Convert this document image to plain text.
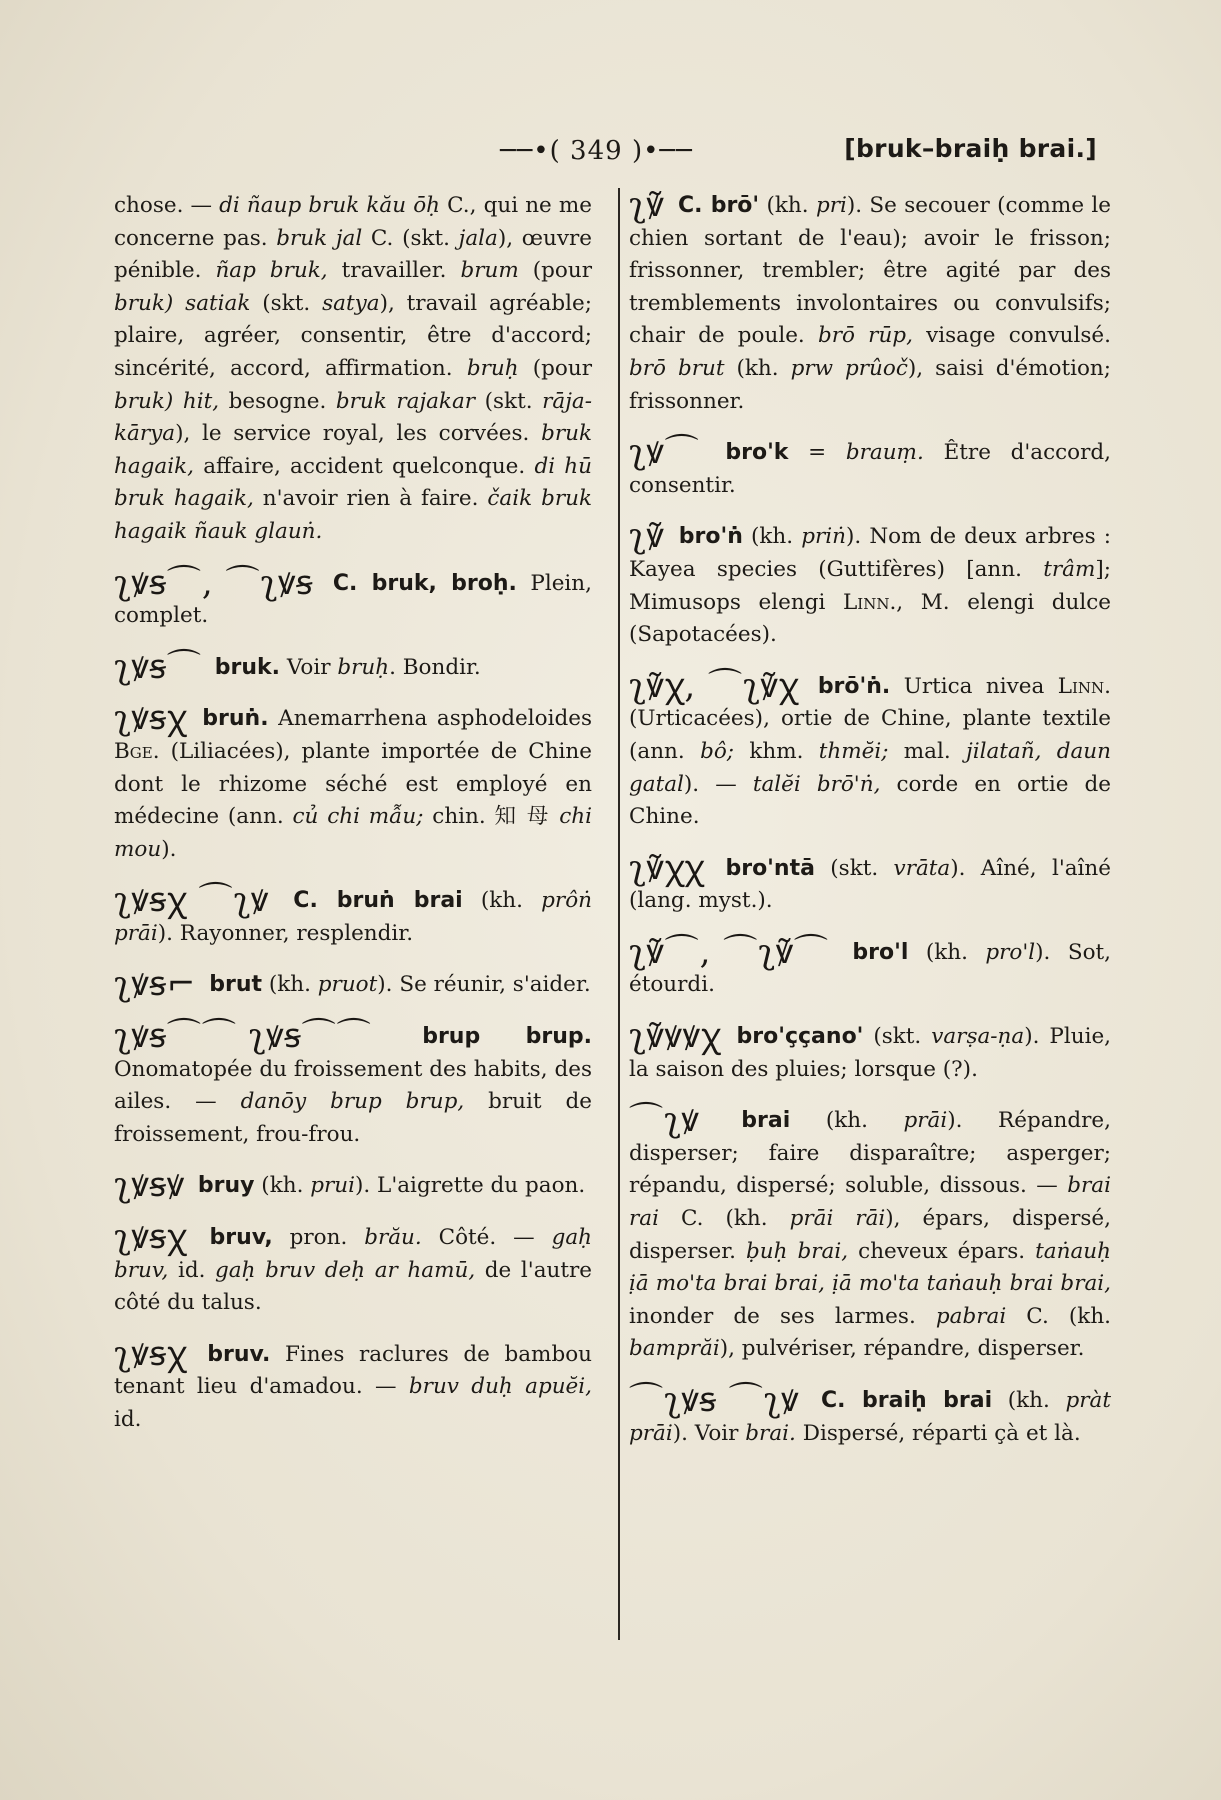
──•( 349 )•──	[bruk–braiḥ brai.]

chose. — di ñaup bruk kău ōḥ C., qui ne me concerne pas. bruk jal C. (skt. jala), œuvre pénible. ñap bruk, travailler. brum (pour bruk) satiak (skt. satya), travail agréable; plaire, agréer, consentir, être d'accord; sincérité, accord, affirmation. bruḥ (pour bruk) hit, besogne. bruk rajakar (skt. rāja-kārya), le service royal, les corvées. bruk hagaik, affaire, accident quelconque. di hū bruk hagaik, n'avoir rien à faire. čaik bruk hagaik ñauk glauṅ.

ʅꝟꞩ⌒, ⌒ʅꝟꞩ C. bruk, broḥ. Plein, complet.

ʅꝟꞩ⌒ bruk. Voir bruḥ. Bondir.

ʅꝟꞩꭓ bruṅ. Anemarrhena asphodeloides Bge. (Liliacées), plante importée de Chine dont le rhizome séché est employé en médecine (ann. củ chi mẫu; chin. 知 母 chi mou).

ʅꝟꞩꭓ ⌒ʅꝟ C. bruṅ brai (kh. prôṅ prāi). Rayonner, resplendir.

ʅꝟꞩ⌐ brut (kh. pruot). Se réunir, s'aider.

ʅꝟꞩ⌒⌒ ʅꝟꞩ⌒⌒ brup brup. Onomatopée du froissement des habits, des ailes. — danōy brup brup, bruit de froissement, frou-frou.

ʅꝟꞩꝟ bruy (kh. prui). L'aigrette du paon.

ʅꝟꞩꭓ bruv, pron. brău. Côté. — gaḥ bruv, id. gaḥ bruv deḥ ar hamū, de l'autre côté du talus.

ʅꝟꞩꭓ bruv. Fines raclures de bambou tenant lieu d'amadou. — bruv duḥ apuĕi, id.

ʅꝟ̃ C. brō' (kh. pri). Se secouer (comme le chien sortant de l'eau); avoir le frisson; frissonner, trembler; être agité par des tremblements involontaires ou convulsifs; chair de poule. brō rūp, visage convulsé. brō brut (kh. prw prûoč), saisi d'émotion; frissonner.

ʅꝟ⌒ bro'k = brauṃ. Être d'accord, consentir.

ʅꝟ̃ bro'ṅ (kh. priṅ). Nom de deux arbres : Kayea species (Guttifères) [ann. trâm]; Mimusops elengi Linn., M. elengi dulce (Sapotacées).

ʅꝟ̃ꭓ, ⌒ʅꝟ̃ꭓ brō'ṅ. Urtica nivea Linn. (Urticacées), ortie de Chine, plante textile (ann. bô; khm. thmĕi; mal. jilatañ, daun gatal). — talĕi brō'ṅ, corde en ortie de Chine.

ʅꝟ̃ꭓꭓ bro'ntā (skt. vrāta). Aîné, l'aîné (lang. myst.).

ʅꝟ̃⌒, ⌒ʅꝟ̃⌒ bro'l (kh. pro'l). Sot, étourdi.

ʅꝟ̃ꝟꝟꭓ bro'ççano' (skt. varṣa-ṇa). Pluie, la saison des pluies; lorsque (?).

⌒ʅꝟ brai (kh. prāi). Répandre, disperser; faire disparaître; asperger; répandu, dispersé; soluble, dissous. — brai rai C. (kh. prāi rāi), épars, dispersé, disperser. ḅuḥ brai, cheveux épars. taṅauḥ ịā mo'ta brai brai, ịā mo'ta taṅauḥ brai brai, inonder de ses larmes. pabrai C. (kh. bamprăi), pulvériser, répandre, disperser.

⌒ʅꝟꞩ ⌒ʅꝟ C. braiḥ brai (kh. pràt prāi). Voir brai. Dispersé, réparti çà et là.
